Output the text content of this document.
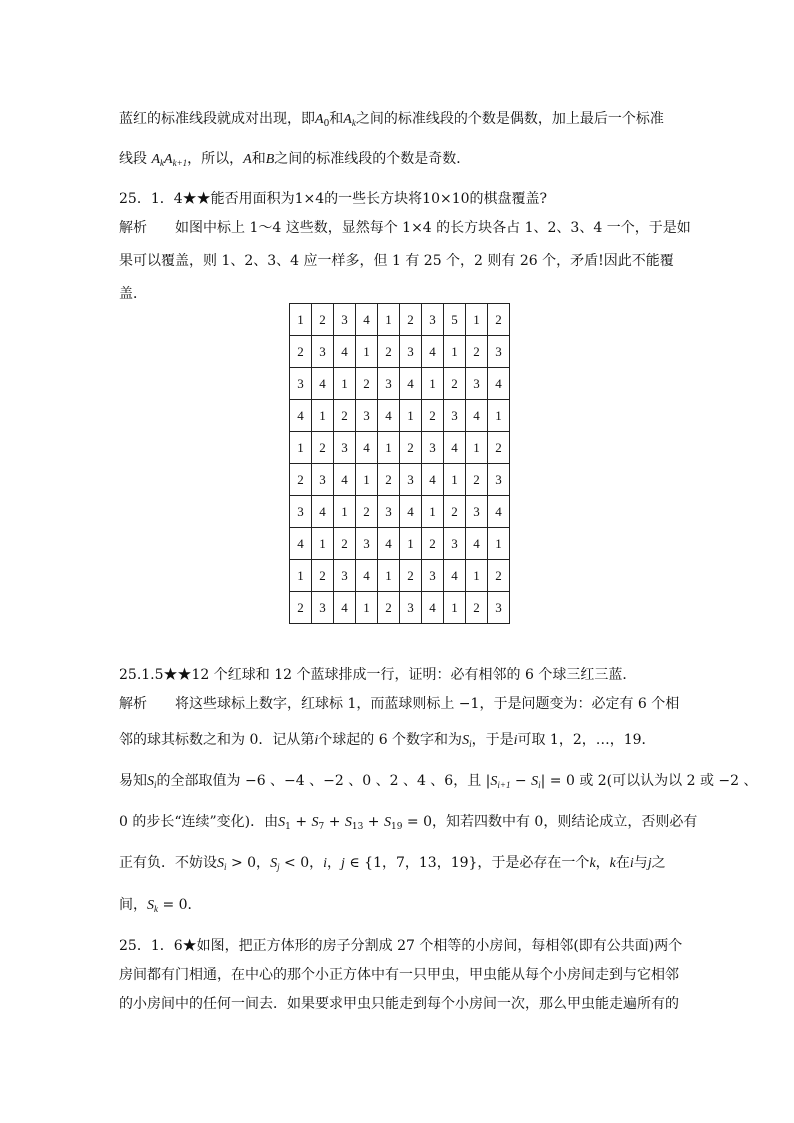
蓝红的标准线段就成对出现，即$A_0$和$A_k$之间的标准线段的个数是偶数，加上最后一个标准
线段 $A_kA_{k+1}$，所以，A和B之间的标准线段的个数是奇数．
25．1．4★★能否用面积为1×4的一些长方块将10×10的棋盘覆盖?
解析 如图中标上 1～4 这些数，显然每个 1×4 的长方块各占 1、2、3、4 一个，于是如
果可以覆盖，则 1、2、3、4 应一样多，但 1 有 25 个，2 则有 26 个，矛盾!因此不能覆
盖．
1	2	3	4	1	2	3	5	1	2
2	3	4	1	2	3	4	1	2	3
3	4	1	2	3	4	1	2	3	4
4	1	2	3	4	1	2	3	4	1
1	2	3	4	1	2	3	4	1	2
2	3	4	1	2	3	4	1	2	3
3	4	1	2	3	4	1	2	3	4
4	1	2	3	4	1	2	3	4	1
1	2	3	4	1	2	3	4	1	2
2	3	4	1	2	3	4	1	2	3
25.1.5★★12 个红球和 12 个蓝球排成一行，证明：必有相邻的 6 个球三红三蓝．
解析 将这些球标上数字，红球标 1，而蓝球则标上 −1，于是问题变为：必定有 6 个相
邻的球其标数之和为 0．记从第i个球起的 6 个数字和为$S_i$，于是i可取 1，2，…，19．
易知$S_i$的全部取值为 −6 、−4 、−2 、0 、2 、4 、6，且 $|S_{i+1} - S_i| = 0$ 或 2(可以认为以 2 或 −2 、
0 的步长“连续”变化)．由$S_1 + S_7 + S_{13} + S_{19} = 0$，知若四数中有 0，则结论成立，否则必有
正有负．不妨设$S_i > 0$，$S_j < 0$，i，j ∈ {1，7，13，19}，于是必存在一个k，k在i与j之
间，$S_k = 0$．
25．1．6★如图，把正方体形的房子分割成 27 个相等的小房间，每相邻(即有公共面)两个
房间都有门相通，在中心的那个小正方体中有一只甲虫，甲虫能从每个小房间走到与它相邻
的小房间中的任何一间去．如果要求甲虫只能走到每个小房间一次，那么甲虫能走遍所有的
